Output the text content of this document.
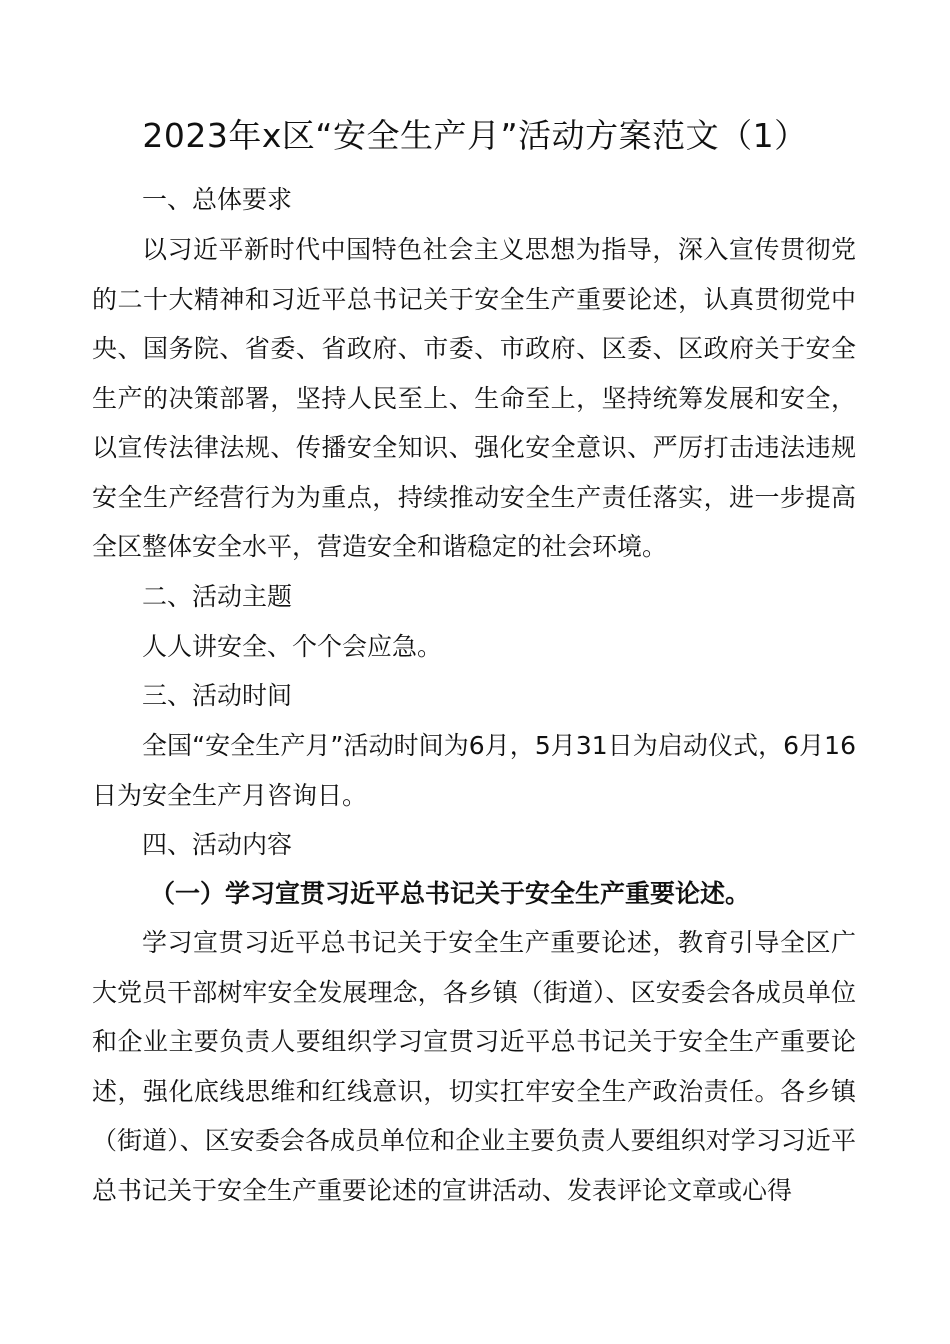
2023年x区“安全生产月”活动方案范文（1）
一、总体要求

以习近平新时代中国特色社会主义思想为指导，深入宣传贯彻党的二十大精神和习近平总书记关于安全生产重要论述，认真贯彻党中央、国务院、省委、省政府、市委、市政府、区委、区政府关于安全生产的决策部署，坚持人民至上、生命至上，坚持统筹发展和安全，以宣传法律法规、传播安全知识、强化安全意识、严厉打击违法违规安全生产经营行为为重点，持续推动安全生产责任落实，进一步提高全区整体安全水平，营造安全和谐稳定的社会环境。

二、活动主题

人人讲安全、个个会应急。

三、活动时间

全国“安全生产月”活动时间为6月，5月31日为启动仪式，6月16日为安全生产月咨询日。

四、活动内容
（一）学习宣贯习近平总书记关于安全生产重要论述。

学习宣贯习近平总书记关于安全生产重要论述，教育引导全区广大党员干部树牢安全发展理念，各乡镇（街道）、区安委会各成员单位和企业主要负责人要组织学习宣贯习近平总书记关于安全生产重要论述，强化底线思维和红线意识，切实扛牢安全生产政治责任。各乡镇（街道）、区安委会各成员单位和企业主要负责人要组织对学习习近平总书记关于安全生产重要论述的宣讲活动、发表评论文章或心得
